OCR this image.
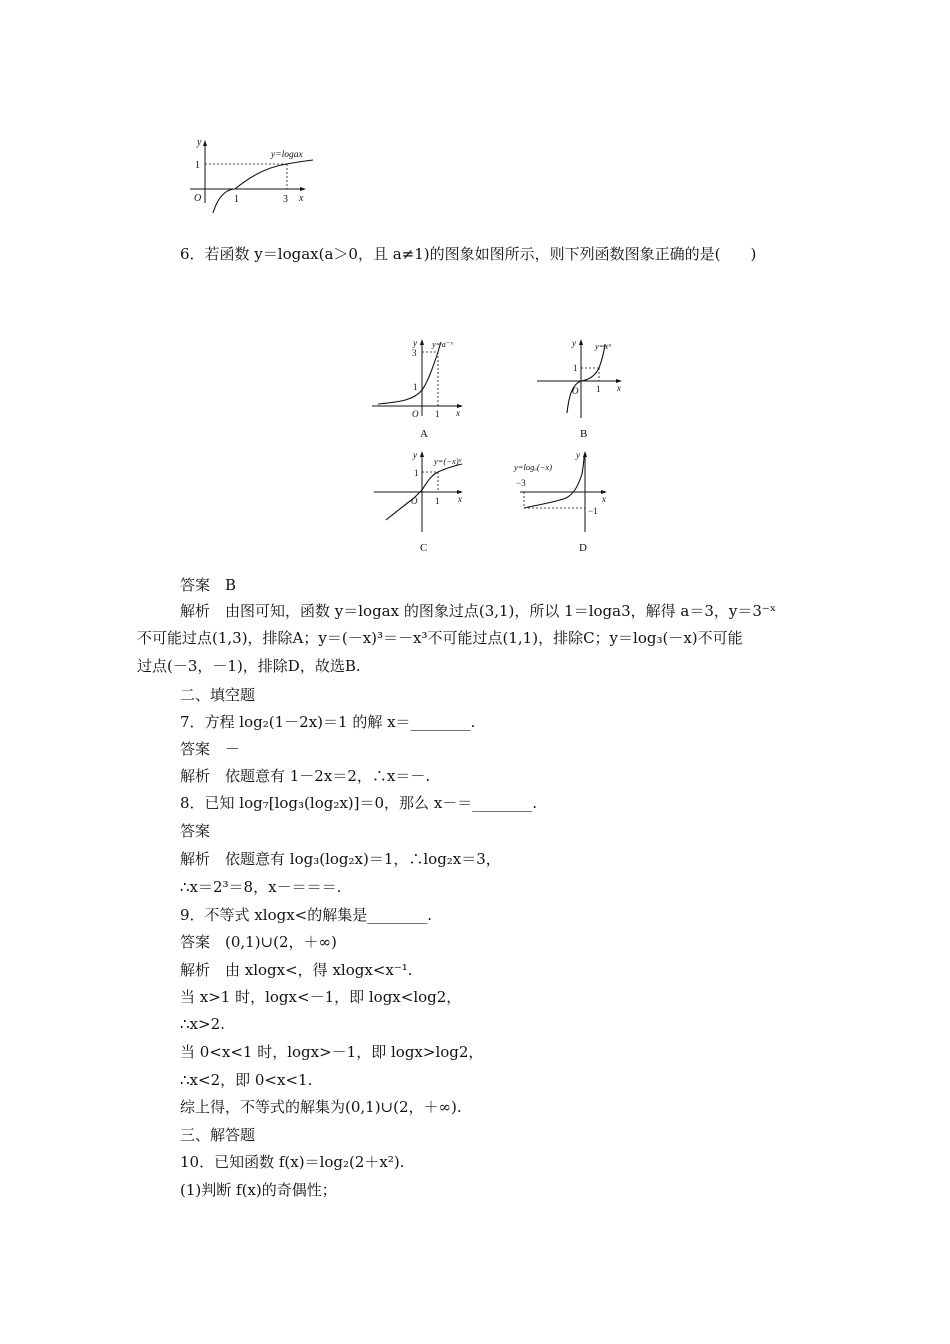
y
x
O
1
1	3
y=logax
6．若函数 y＝logax(a＞0，且 a≠1)的图象如图所示，则下列函数图象正确的是(　　)
y
x
O
3
1
1
y=a⁻ˣ
A
y
x
O
1
1
y=xᵃ
B
y
x
O
1
1
y=(−x)ᵃ
C
y
x
−3
−1
y=logₐ(−x)
D
答案　B
解析　由图可知，函数 y＝logax 的图象过点(3,1)，所以 1＝loga3，解得 a＝3，y＝3⁻ˣ
不可能过点(1,3)，排除A；y＝(－x)³＝－x³不可能过点(1,1)，排除C；y＝log₃(－x)不可能
过点(－3，－1)，排除D，故选B.
二、填空题
7．方程 log₂(1－2x)＝1 的解 x＝________.
答案　－
解析　依题意有 1－2x＝2，∴x＝－.
8．已知 log₇[log₃(log₂x)]＝0，那么 x－＝________.
答案
解析　依题意有 log₃(log₂x)＝1，∴log₂x＝3，
∴x＝2³＝8，x－＝＝＝.
9．不等式 xlogx<的解集是________.
答案　(0,1)∪(2，＋∞)
解析　由 xlogx<，得 xlogx<x⁻¹.
当 x>1 时，logx<－1，即 logx<log2，
∴x>2.
当 0<x<1 时，logx>－1，即 logx>log2，
∴x<2，即 0<x<1.
综上得，不等式的解集为(0,1)∪(2，＋∞).
三、解答题
10．已知函数 f(x)＝log₂(2＋x²).
(1)判断 f(x)的奇偶性；
